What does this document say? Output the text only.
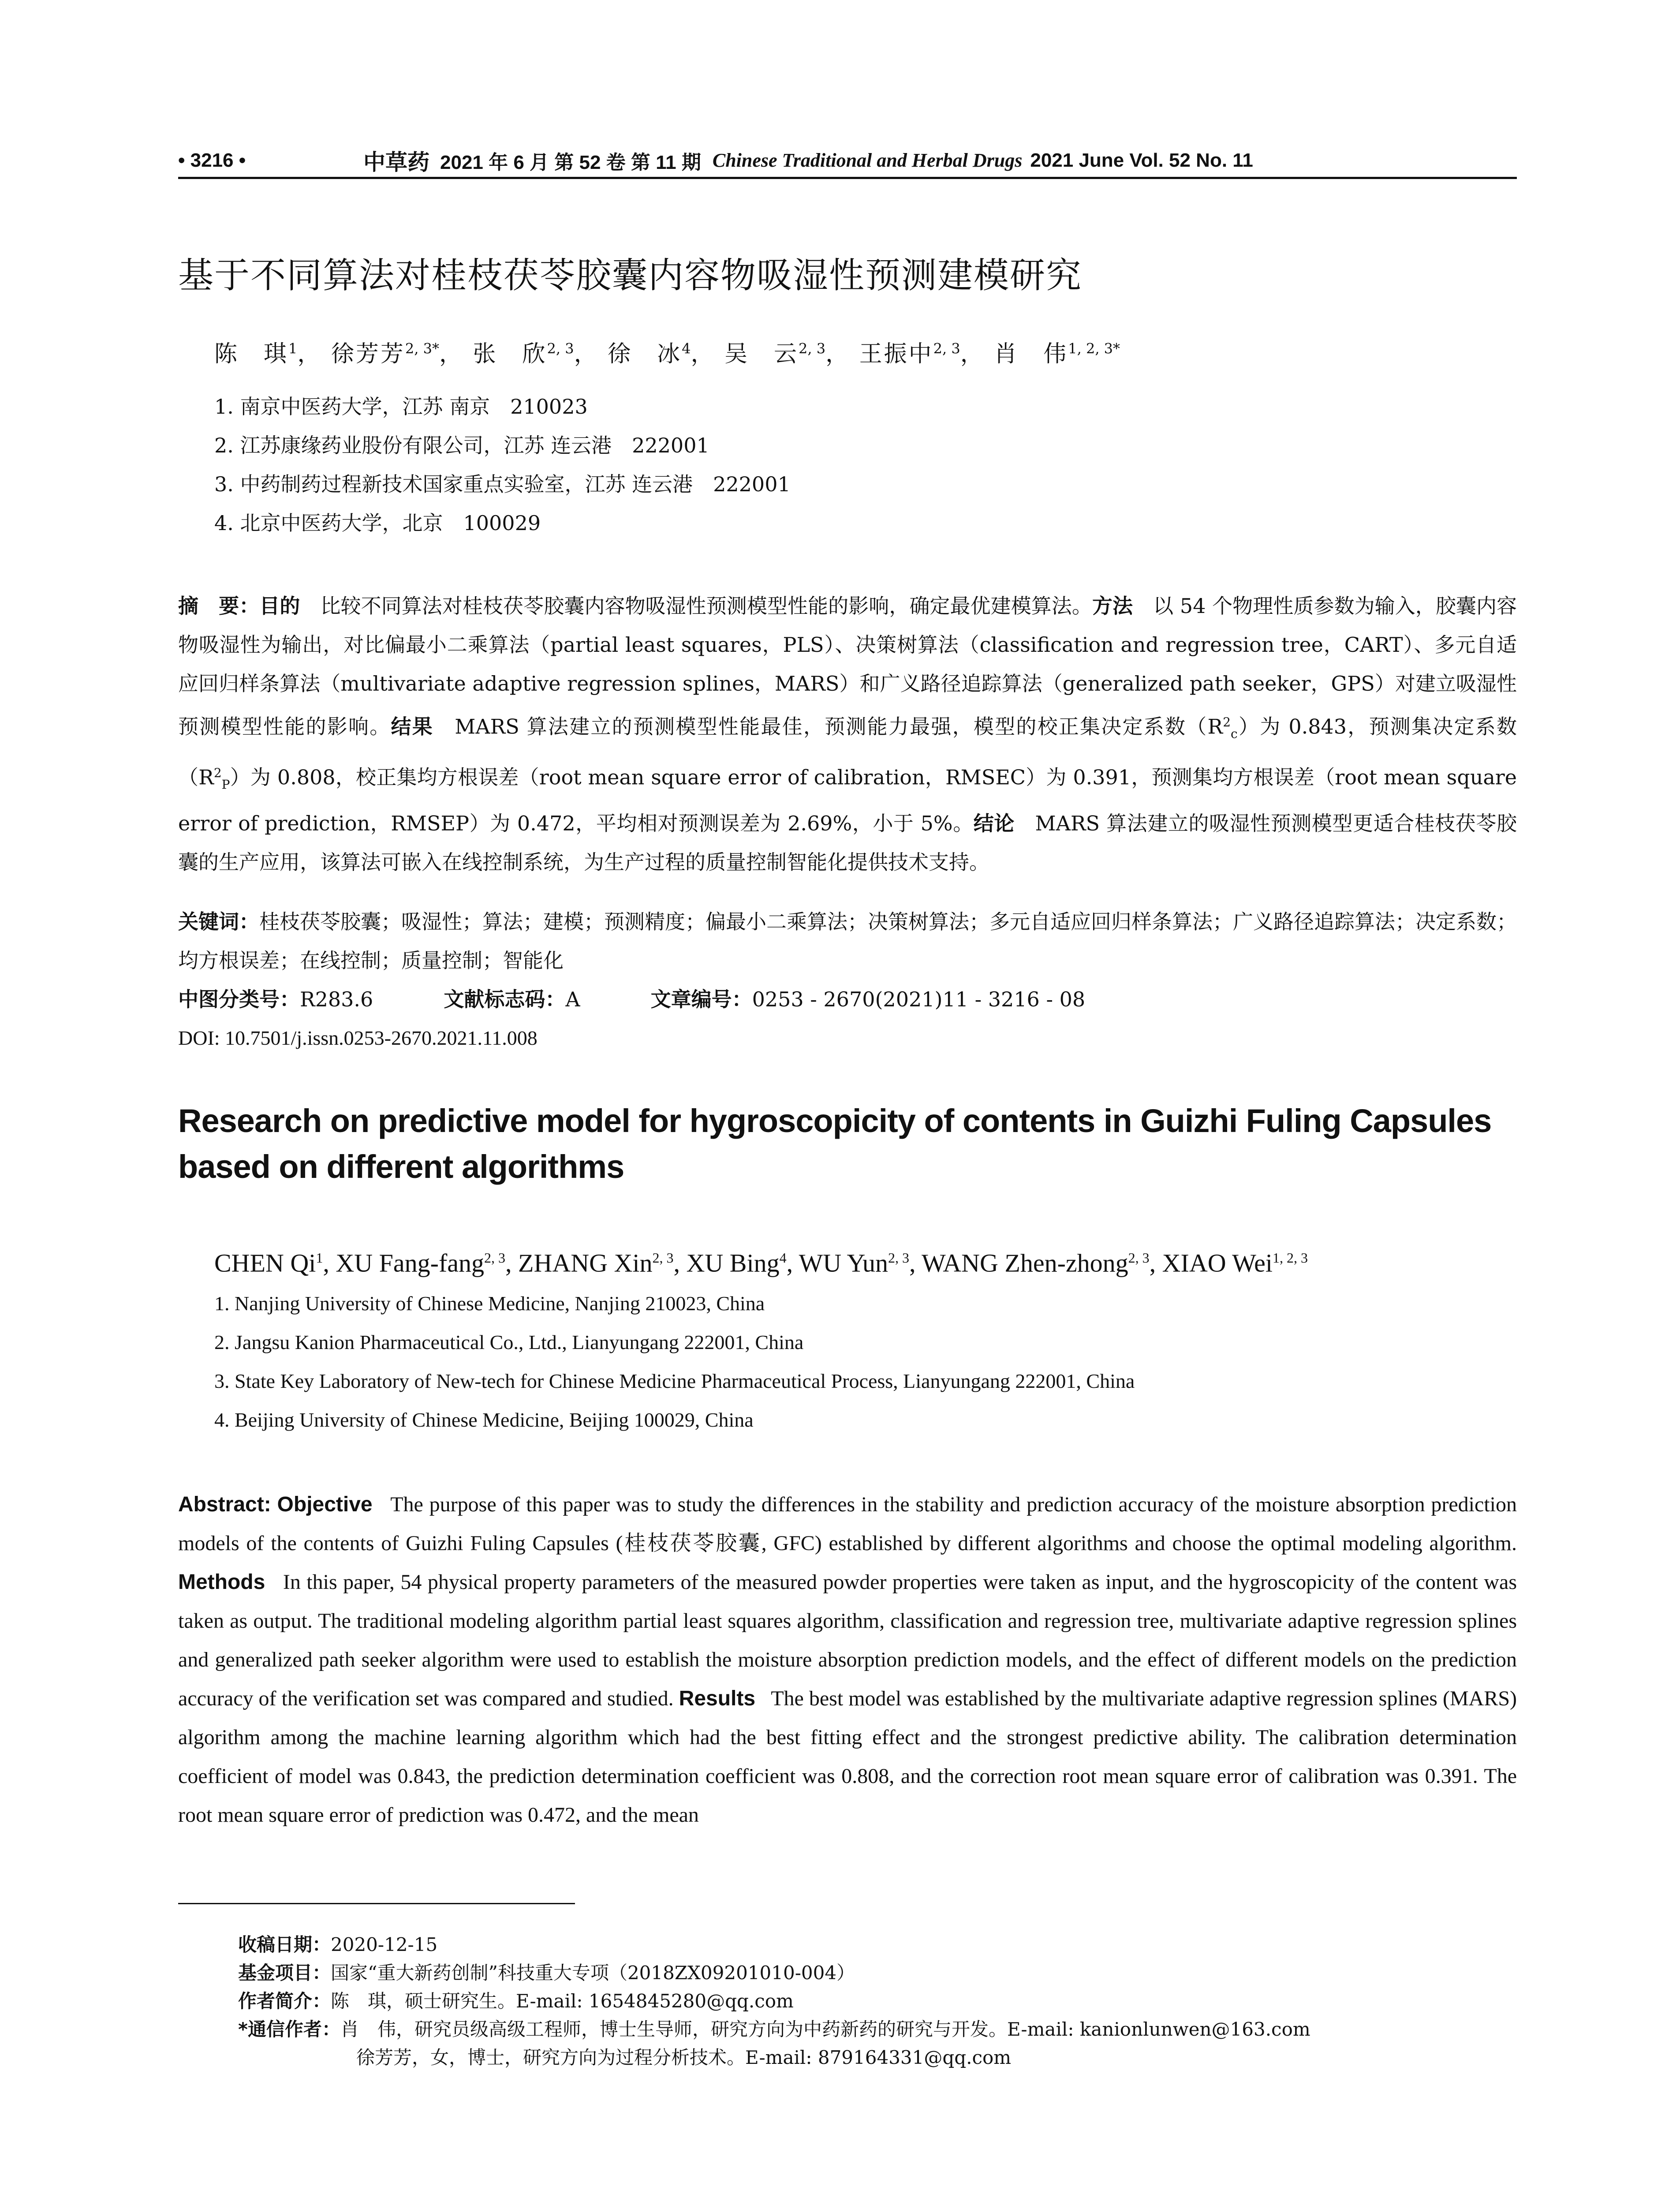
• 3216 •	中草药 2021 年 6 月 第 52 卷 第 11 期 Chinese Traditional and Herbal Drugs 2021 June Vol. 52 No. 11
基于不同算法对桂枝茯苓胶囊内容物吸湿性预测建模研究
陈　琪$^1$， 徐芳芳$^{2, 3*}$， 张　欣$^{2, 3}$， 徐　冰$^4$， 吴　云$^{2, 3}$， 王振中$^{2, 3}$， 肖　伟$^{1, 2, 3*}$
1. 南京中医药大学，江苏 南京　210023
2. 江苏康缘药业股份有限公司，江苏 连云港　222001
3. 中药制药过程新技术国家重点实验室，江苏 连云港　222001
4. 北京中医药大学，北京　100029
摘　要：目的　 比较不同算法对桂枝茯苓胶囊内容物吸湿性预测模型性能的影响，确定最优建模算法。方法　 以 54 个物理性质参数为输入，胶囊内容物吸湿性为输出，对比偏最小二乘算法（partial least squares，PLS）、决策树算法（classification and regression tree，CART）、多元自适应回归样条算法（multivariate adaptive regression splines，MARS）和广义路径追踪算法（generalized path seeker，GPS）对建立吸湿性预测模型性能的影响。结果　 MARS 算法建立的预测模型性能最佳，预测能力最强，模型的校正集决定系数$(R^2_c)$为 0.843，预测集决定系数$(R^2_P)$为 0.808，校正集均方根误差（root mean square error of calibration，RMSEC）为 0.391，预测集均方根误差（root mean square error of prediction，RMSEP）为 0.472，平均相对预测误差为 2.69%，小于 5%。结论　 MARS 算法建立的吸湿性预测模型更适合桂枝茯苓胶囊的生产应用，该算法可嵌入在线控制系统，为生产过程的质量控制智能化提供技术支持。
关键词：桂枝茯苓胶囊；吸湿性；算法；建模；预测精度；偏最小二乘算法；决策树算法；多元自适应回归样条算法；广义路径追踪算法；决定系数；均方根误差；在线控制；质量控制；智能化
中图分类号：R283.6	文献标志码：A	文章编号：0253 - 2670(2021)11 - 3216 - 08
DOI: 10.7501/j.issn.0253-2670.2021.11.008
Research on predictive model for hygroscopicity of contents in Guizhi Fuling Capsules based on different algorithms
CHEN Qi$^1$, XU Fang-fang$^{2, 3}$, ZHANG Xin$^{2, 3}$, XU Bing$^4$, WU Yun$^{2, 3}$, WANG Zhen-zhong$^{2, 3}$, XIAO Wei$^{1, 2, 3}$
1. Nanjing University of Chinese Medicine, Nanjing 210023, China
2. Jangsu Kanion Pharmaceutical Co., Ltd., Lianyungang 222001, China
3. State Key Laboratory of New-tech for Chinese Medicine Pharmaceutical Process, Lianyungang 222001, China
4. Beijing University of Chinese Medicine, Beijing 100029, China
Abstract: Objective The purpose of this paper was to study the differences in the stability and prediction accuracy of the moisture absorption prediction models of the contents of Guizhi Fuling Capsules (桂枝茯苓胶囊, GFC) established by different algorithms and choose the optimal modeling algorithm. Methods In this paper, 54 physical property parameters of the measured powder properties were taken as input, and the hygroscopicity of the content was taken as output. The traditional modeling algorithm partial least squares algorithm, classification and regression tree, multivariate adaptive regression splines and generalized path seeker algorithm were used to establish the moisture absorption prediction models, and the effect of different models on the prediction accuracy of the verification set was compared and studied. Results The best model was established by the multivariate adaptive regression splines (MARS) algorithm among the machine learning algorithm which had the best fitting effect and the strongest predictive ability. The calibration determination coefficient of model was 0.843, the prediction determination coefficient was 0.808, and the correction root mean square error of calibration was 0.391. The root mean square error of prediction was 0.472, and the mean
收稿日期：2020-12-15
基金项目：国家“重大新药创制”科技重大专项（2018ZX09201010-004）
作者简介：陈　琪，硕士研究生。E-mail: 1654845280@qq.com
*通信作者：肖　伟，研究员级高级工程师，博士生导师，研究方向为中药新药的研究与开发。E-mail: kanionlunwen@163.com
徐芳芳，女，博士，研究方向为过程分析技术。E-mail: 879164331@qq.com
